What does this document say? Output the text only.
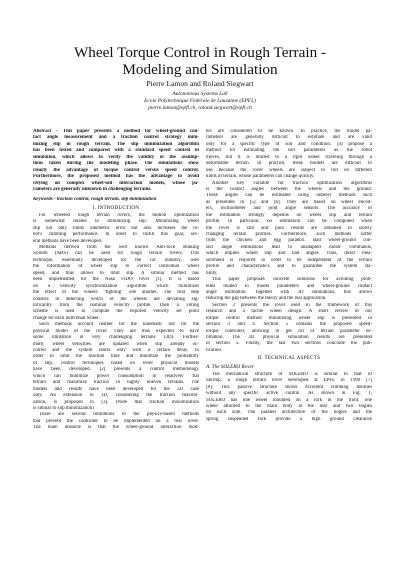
Wheel Torque Control in Rough Terrain -
Modeling and Simulation
Pierre Lamon and Roland Siegwart
Autonomous Systems Lab
Ecole Polytechnique Fédérale de Lausanne (EPFL)
pierre.lamon@epfl.ch, roland.siegwart@epfl.ch
Abstract - This paper presents a method for wheel-ground con-
tact angle measurement and a traction control strategy mini-
mizing slip in rough terrain. The slip minimization algorithm
has been tested and compared with a standard speed control in
simulation, which allows to verify the validity of the assump-
tions taken during the modeling phase. The simulations show
clearly the advantage of torque control versus speed control.
Furthermore, the proposed method has the advantage to avoid
relying on complex wheel-soil interaction models, whose pa-
rameters are generally unknown in challenging terrains.
Keywords - traction control, rough terrain, slip minimization
I. INTRODUCTION
For wheeled rough terrain rovers, the motion optimization
is somewhat related to minimizing slip. Minimizing wheel
slip not only limits odometric error but also increases the ro-
bot's climbing performance. In order to fulfill this goal, sev-
eral methods have been developed.
Methods derived from the well known Anti-lock Braking
System (ABS) can be used for rough terrain rovers. This
technique, essentially developed for the car industry, uses
the information of wheel slip to correct individual wheel
speed, and thus allows to limit slip. A similar method has
been implemented for the Nasa FIDO rover [1]. It is based
on a velocity synchronization algorithm which minimizes
the effect of the wheels "fighting" one another. The first step
consists in detecting which of the wheels are deviating sig-
nificantly from the nominal velocity profile. Then a voting
scheme is used to compute the required velocity set point
change for each individual wheel.
Such methods account neither for the kinematic nor for the
physical model of the rover. They are thus expected to have
some limitation in very challenging terrains (3D). Further-
more, wheel velocities are updated when slip already oc-
curred and the system reacts only with a certain delay. In
order to limit the reaction time and minimize the probability
of slip, control techniques based on rover physical models
have been developed. [2] presents a control methodology
which can minimize power consumption in relatively flat
terrain and maximize traction in highly uneven terrains. The
models and results have been developed for the 2D case
only. An extension to 3D, considering the traction maximi-
zation, is proposed in [3]. (Note that traction maximization
is similar to slip minimization)
There are several limitations to the physics-based methods
that prevent the controller to be implemented on a real rover.
The main obstacle is that the wheel-ground interaction mod-
els are considered to be known. In practice, the model pa-
rameters are generally difficult to estimate and are valid
only for a specific type of soil and condition. [4] propose a
method for estimating the soil parameters as the robot
moves, but it is limited to a rigid wheel traveling through a
deformable terrain. In practice, these models are difficult to
use because the rover wheels are subject to roll on different
kinds of terrain, whose parameters can change quickly.
Another key variable for traction optimization algorithms
is the contact angles between the wheels and the ground.
These angles can be estimated using indirect methods such
as presented in [5] and [6]. They are based on wheel encod-
ers, inclinometer and joint angle sensors. The accuracy of
the estimation strongly depends on wheel slip and terrain
profile. In particular, no estimation can be computed when
the rover is still and poor results are obtained in slowly
changing terrain profiles. Furthermore, such methods suffer
from the chicken and egg paradox. Bad wheel-ground con-
tact angle estimations lead to unadapted motor commands,
which implies wheel slip and bad angles. Thus, direct mea-
surement is required in order to be independent of the terrain
profile and characteristics and to guarantee the system sta-
bility.
This paper proposes concrete solutions for avoiding prob-
lems related to model parameters and wheel-ground contact
angle estimation. Together with 3D simulations, this allows
reducing the gap between the theory and the real application.
Section 2 presents the rover used in the framework of this
research and a tactile wheel design. A short review of our
torque control method minimizing wheel slip is presented in
section 3 and 4. Section 5 contains the proposed speed-
torque controller, allowing to get rid of terrain parameter es-
timation. The 3D physical simulation results are presented
in section 5. Finally, the last two sections conclude the pub-
lication.
II. TECHNICAL ASPECTS
A. The SOLERO Rover
The mechanical structure of SOLERO is similar to that of
Shrimp, a rough terrain rover developed at EPFL in 1999 [7]
[8]. This passive structure shows excellent climbing abilities
without any specific active control. As shown in Fig. 1,
SOLERO has one wheel mounted on a fork in the front, one
wheel attached to the main body at the rear and two bogies
on each side. The parallel architecture of the bogies and the
spring suspended fork provide a high ground clearance
